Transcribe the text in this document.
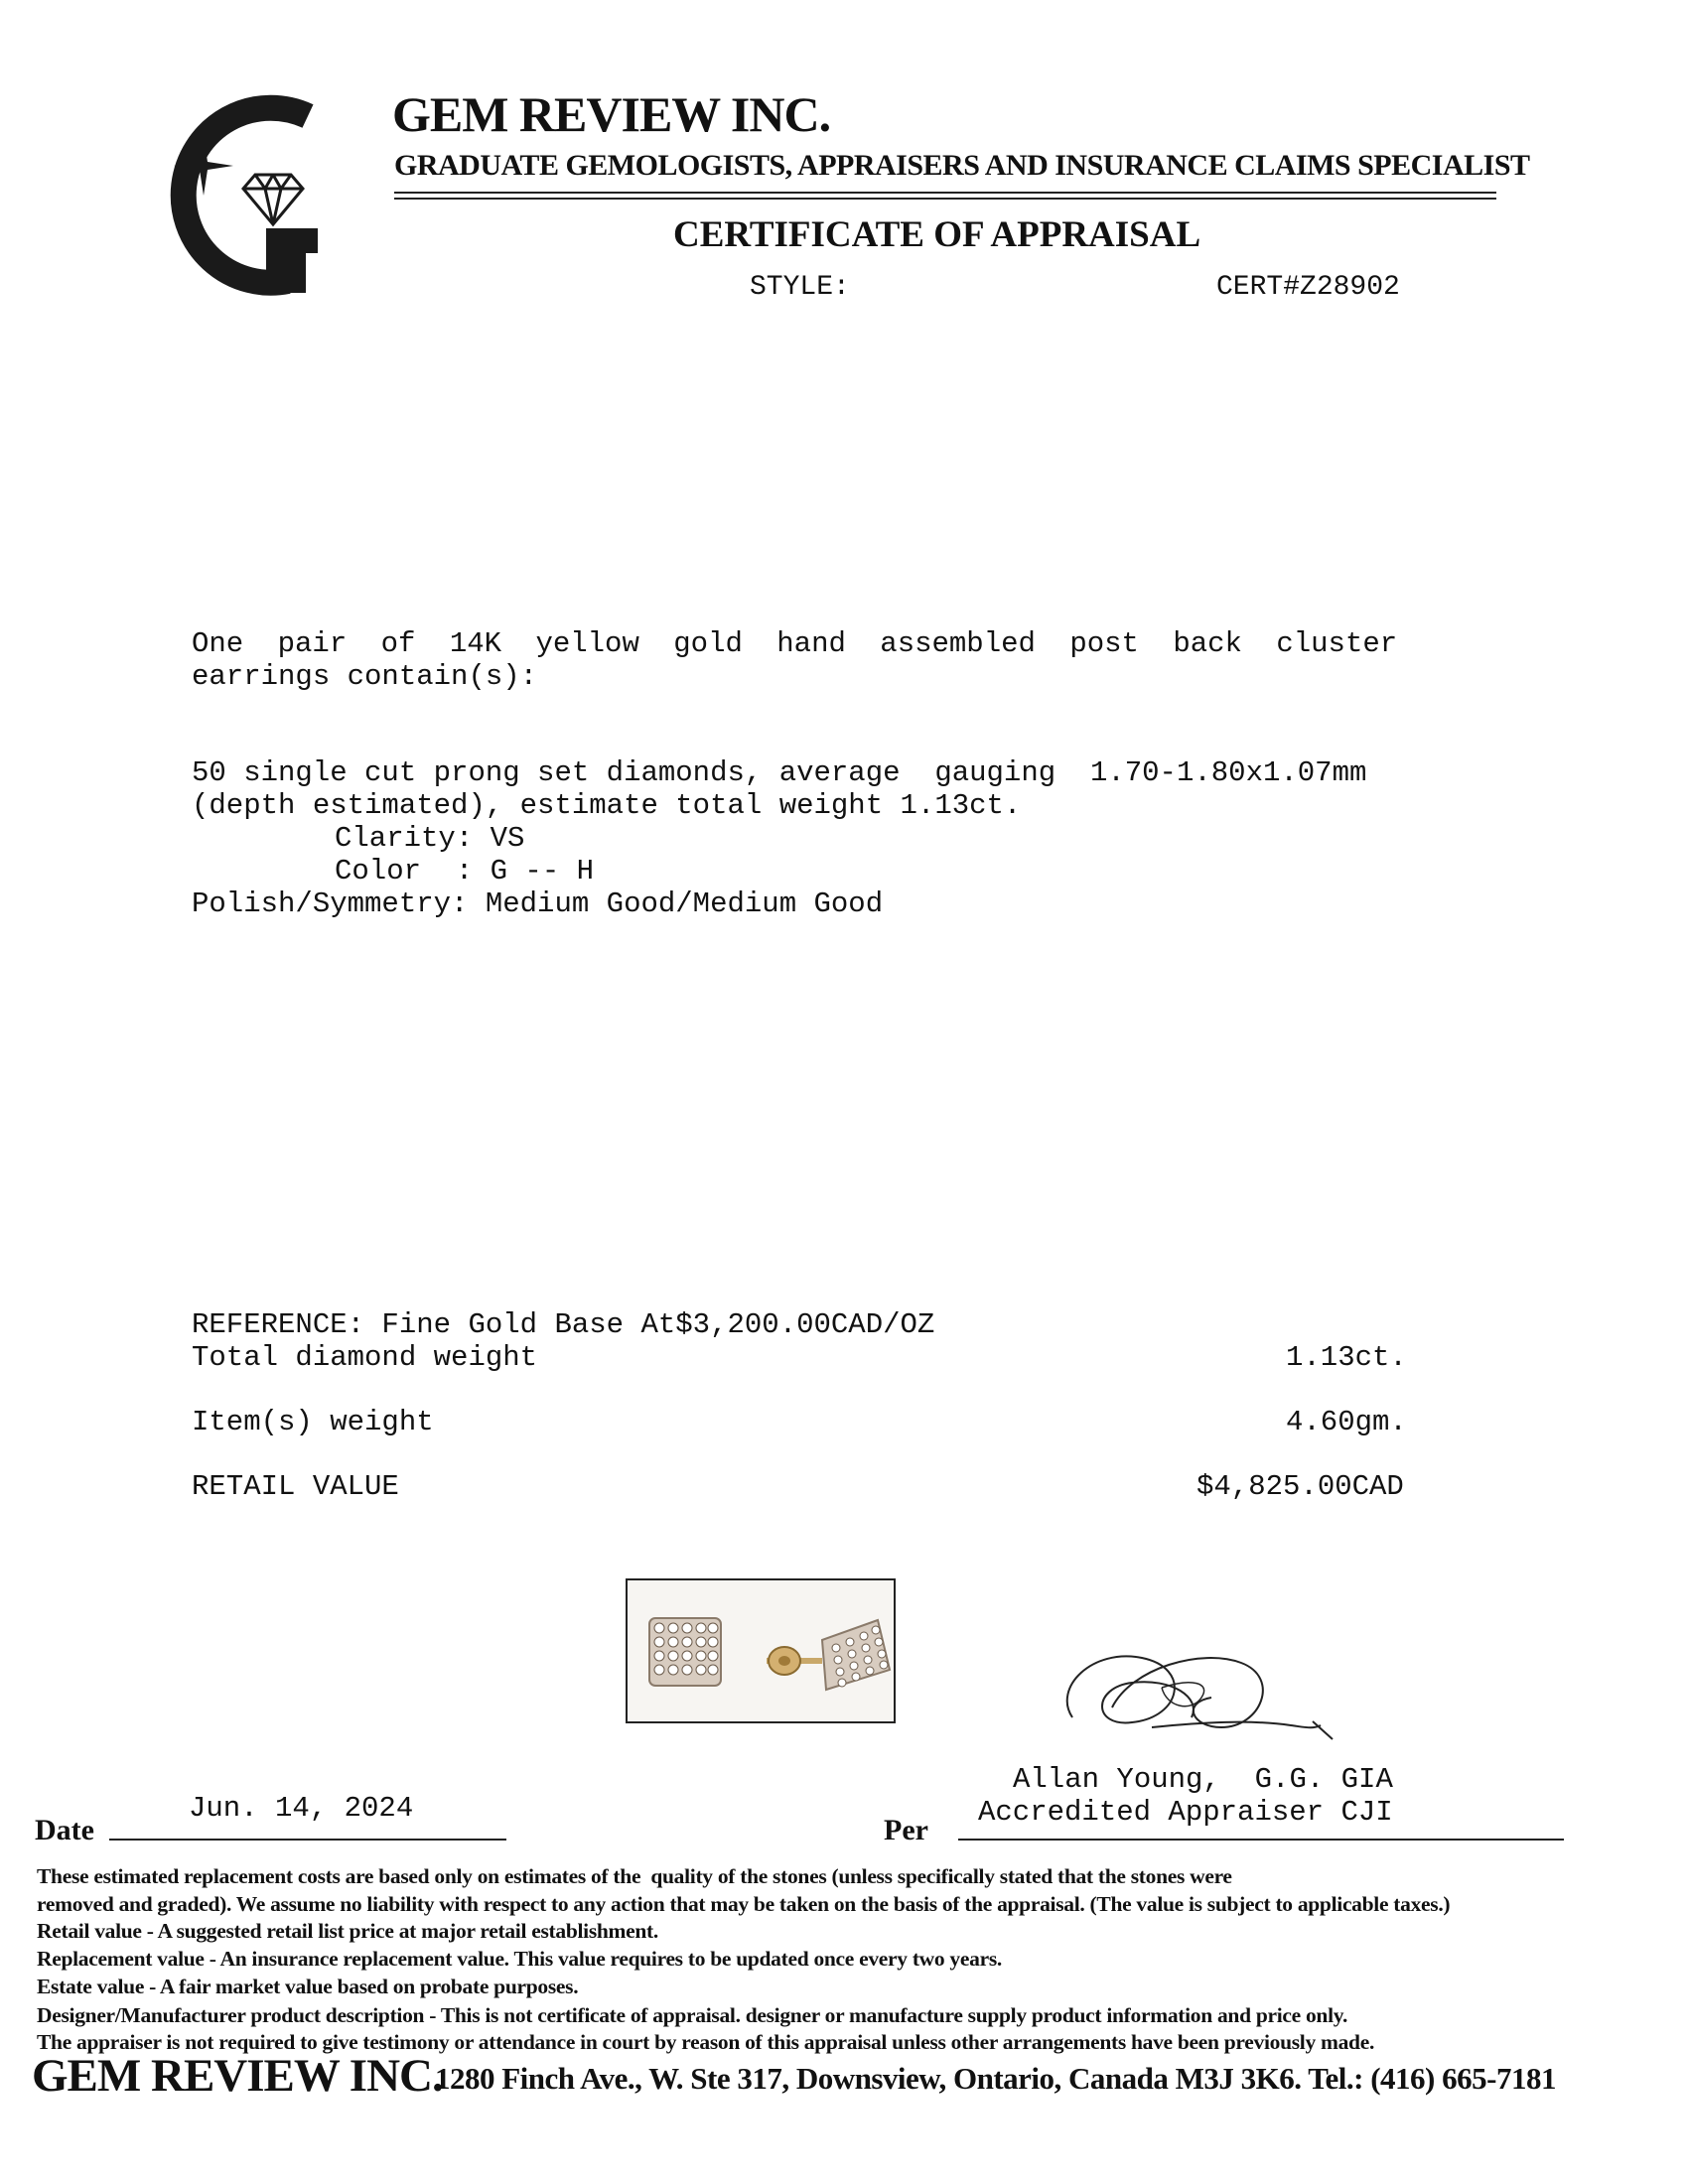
GEM REVIEW INC.
GRADUATE GEMOLOGISTS, APPRAISERS AND INSURANCE CLAIMS SPECIALIST
CERTIFICATE OF APPRAISAL
STYLE:	CERT#Z28902
One pair of 14K yellow gold hand assembled post back cluster
earrings contain(s):
50 single cut prong set diamonds, average  gauging  1.70-1.80x1.07mm
(depth estimated), estimate total weight 1.13ct.
Clarity: VS
Color  : G -- H
Polish/Symmetry: Medium Good/Medium Good
REFERENCE: Fine Gold Base At$3,200.00CAD/OZ
Total diamond weight	1.13ct.
Item(s) weight	4.60gm.
RETAIL VALUE	$4,825.00CAD
Allan Young,  G.G. GIA
Accredited Appraiser CJI
Date
Jun. 14, 2024
Per
These estimated replacement costs are based only on estimates of the  quality of the stones (unless specifically stated that the stones were
removed and graded). We assume no liability with respect to any action that may be taken on the basis of the appraisal. (The value is subject to applicable taxes.)
Retail value - A suggested retail list price at major retail establishment.
Replacement value - An insurance replacement value. This value requires to be updated once every two years.
Estate value - A fair market value based on probate purposes.
Designer/Manufacturer product description - This is not certificate of appraisal. designer or manufacture supply product information and price only.
The appraiser is not required to give testimony or attendance in court by reason of this appraisal unless other arrangements have been previously made.
GEM REVIEW INC.
1280 Finch Ave., W. Ste 317, Downsview, Ontario, Canada M3J 3K6. Tel.: (416) 665-7181
